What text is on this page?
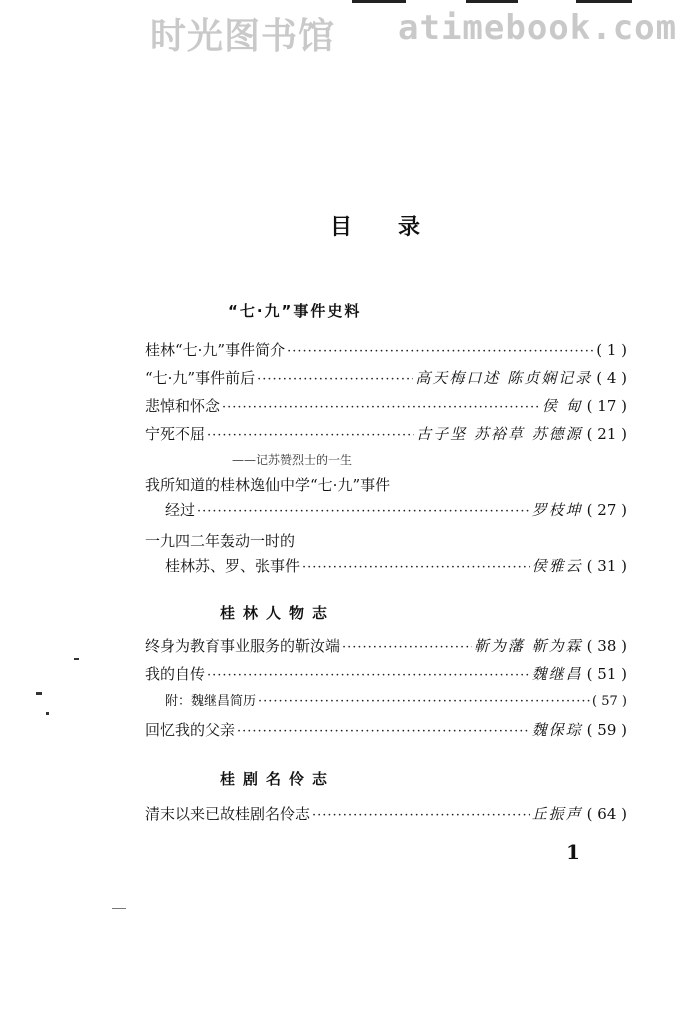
时光图书馆 atimebook.com
目 录
“七·九”事件史料
桂林“七·九”事件简介 ·····	( 1 )
“七·九”事件前后 ·····	高天梅口述 陈贞娴记录 ( 4 )
悲悼和怀念 ·····	侯 甸 ( 17 )
宁死不屈 ·····	古子坚 苏裕草 苏德源 ( 21 )
——记苏赞烈士的一生
我所知道的桂林逸仙中学“七·九”事件
经过 ·····	罗枝坤 ( 27 )
一九四二年轰动一时的
桂林苏、罗、张事件 ·····	侯雅云 ( 31 )
桂林人物志
终身为教育事业服务的靳汝端 ·····	靳为藩 靳为霖 ( 38 )
我的自传 ·····	魏继昌 ( 51 )
附：魏继昌简历 ·····	( 57 )
回忆我的父亲 ·····	魏保琮 ( 59 )
桂剧名伶志
清末以来已故桂剧名伶志 ·····	丘振声 ( 64 )
1
